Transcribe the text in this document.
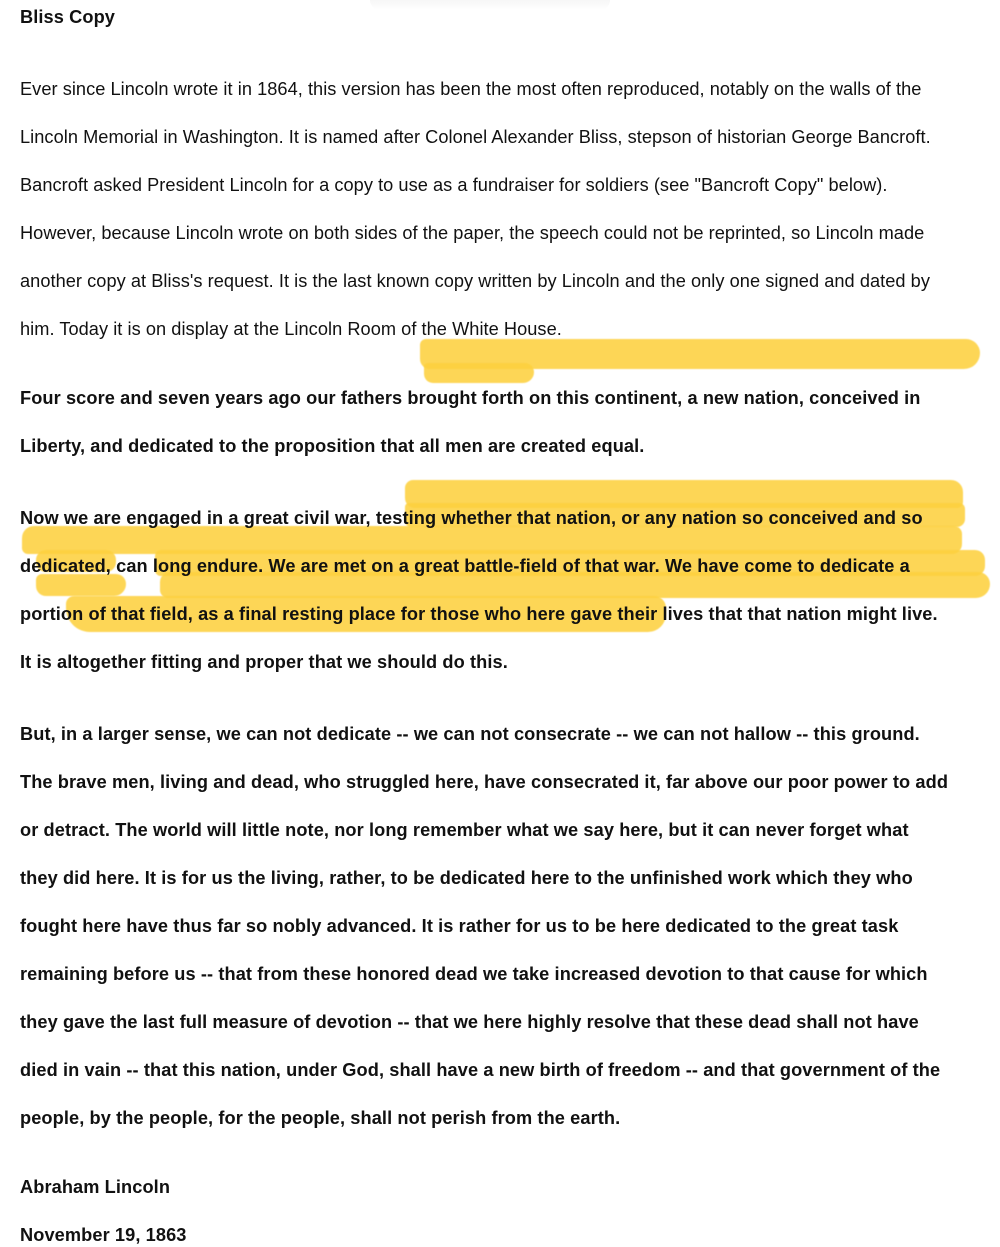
Bliss Copy
Ever since Lincoln wrote it in 1864, this version has been the most often reproduced, notably on the walls of the
Lincoln Memorial in Washington. It is named after Colonel Alexander Bliss, stepson of historian George Bancroft.
Bancroft asked President Lincoln for a copy to use as a fundraiser for soldiers (see "Bancroft Copy" below).
However, because Lincoln wrote on both sides of the paper, the speech could not be reprinted, so Lincoln made
another copy at Bliss's request. It is the last known copy written by Lincoln and the only one signed and dated by
him. Today it is on display at the Lincoln Room of the White House.
Four score and seven years ago our fathers brought forth on this continent, a new nation, conceived in
Liberty, and dedicated to the proposition that all men are created equal.
Now we are engaged in a great civil war, testing whether that nation, or any nation so conceived and so
dedicated, can long endure. We are met on a great battle-field of that war. We have come to dedicate a
portion of that field, as a final resting place for those who here gave their lives that that nation might live.
It is altogether fitting and proper that we should do this.
But, in a larger sense, we can not dedicate -- we can not consecrate -- we can not hallow -- this ground.
The brave men, living and dead, who struggled here, have consecrated it, far above our poor power to add
or detract. The world will little note, nor long remember what we say here, but it can never forget what
they did here. It is for us the living, rather, to be dedicated here to the unfinished work which they who
fought here have thus far so nobly advanced. It is rather for us to be here dedicated to the great task
remaining before us -- that from these honored dead we take increased devotion to that cause for which
they gave the last full measure of devotion -- that we here highly resolve that these dead shall not have
died in vain -- that this nation, under God, shall have a new birth of freedom -- and that government of the
people, by the people, for the people, shall not perish from the earth.
Abraham Lincoln
November 19, 1863
